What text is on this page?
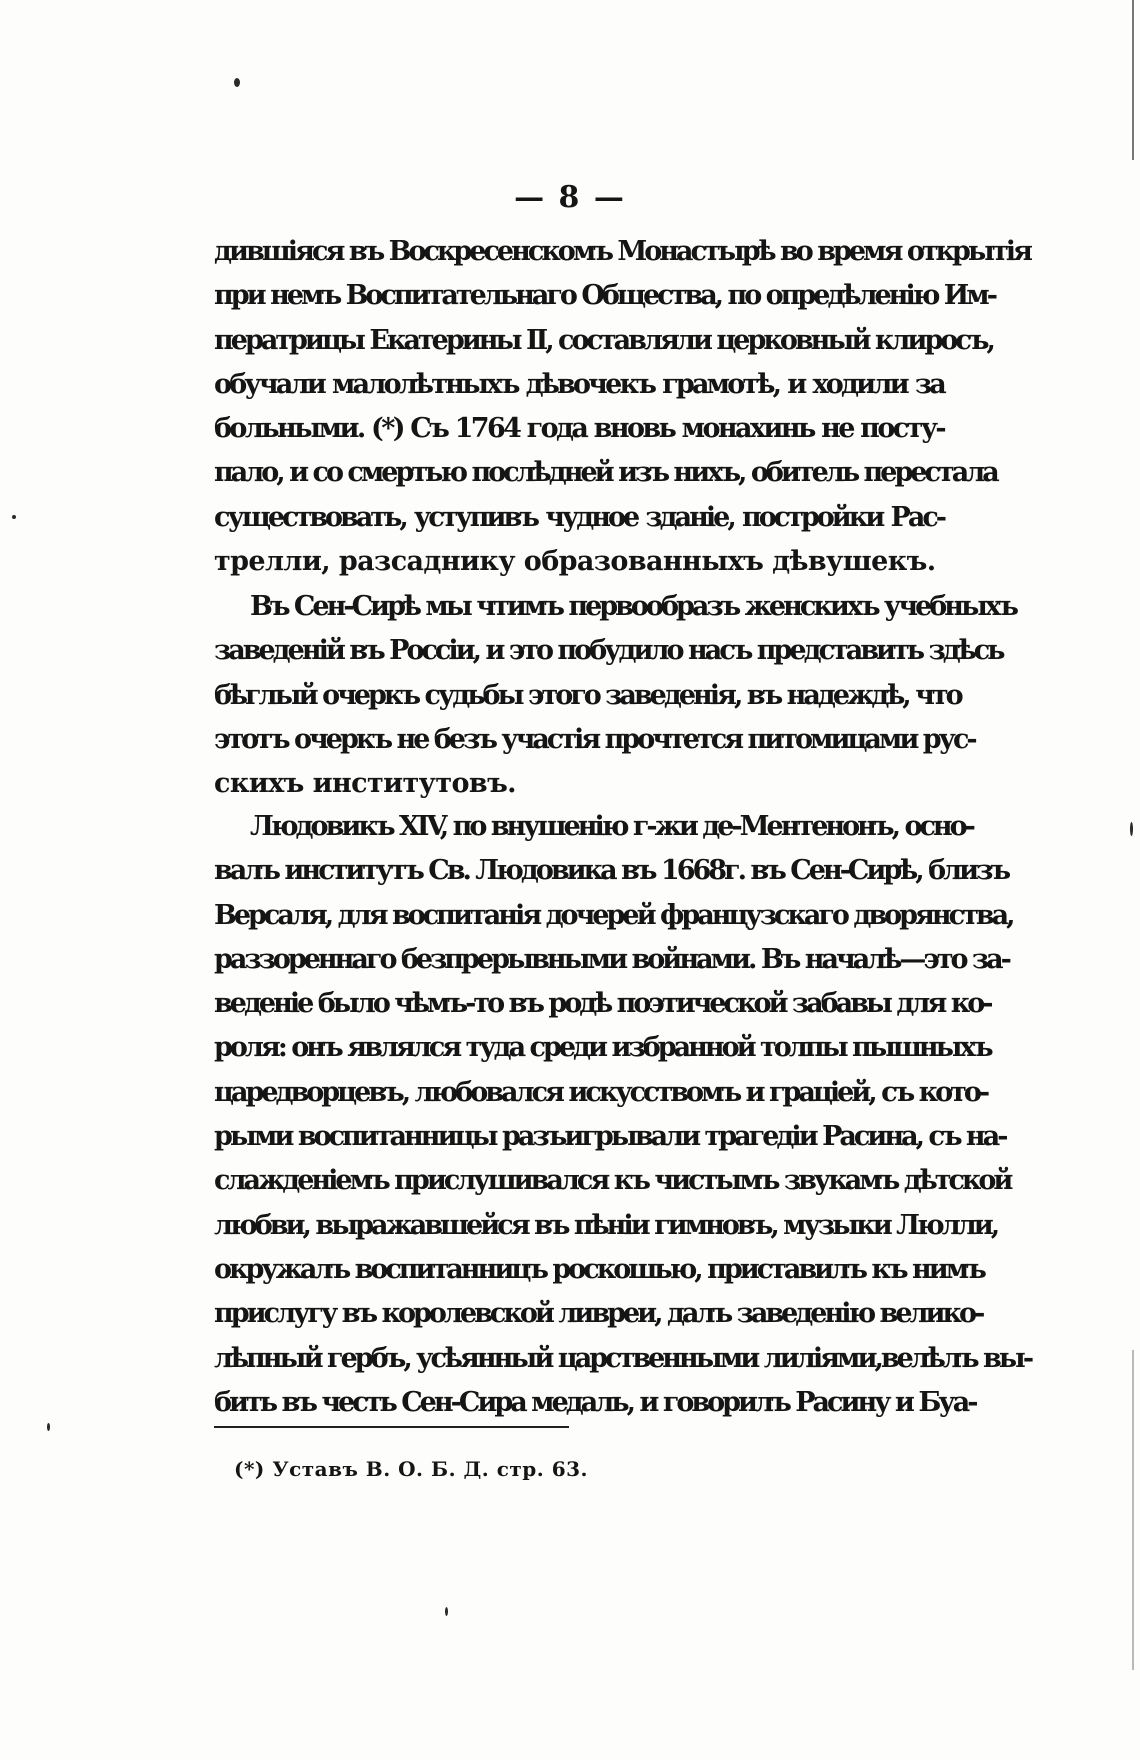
— 8 —
дившiяся въ Воскресенскомъ Монастырѣ во время открытiя
при немъ Воспитательнаго Общества, по опредѣленiю Им-
ператрицы Екатерины II, составляли церковный клиросъ,
обучали малолѣтныхъ дѣвочекъ грамотѣ, и ходили за
больными. (*) Съ 1764 года вновь монахинь не посту-
пало, и со смертью послѣдней изъ нихъ, обитель перестала
существовать, уступивъ чудное зданiе, постройки Рас-
трелли, разсаднику образованныхъ дѣвушекъ.
Въ Сен-Сирѣ мы чтимъ первообразъ женскихъ учебныхъ
заведенiй въ Россiи, и это побудило насъ представить здѣсь
бѣглый очеркъ судьбы этого заведенiя, въ надеждѣ, что
этотъ очеркъ не безъ участiя прочтется питомицами рус-
скихъ институтовъ.
Людовикъ XIV, по внушенiю г-жи де-Ментенонъ, осно-
валъ институтъ Св. Людовика въ 1668г. въ Сен-Сирѣ, близъ
Версаля, для воспитанiя дочерей французскаго дворянства,
раззореннаго безпрерывными войнами. Въ началѣ—это за-
веденiе было чѣмъ-то въ родѣ поэтической забавы для ко-
роля: онъ являлся туда среди избранной толпы пышныхъ
царедворцевъ, любовался искусствомъ и грацiей, съ кото-
рыми воспитанницы разъигрывали трагедiи Расина, съ на-
слажденiемъ прислушивался къ чистымъ звукамъ дѣтской
любви, выражавшейся въ пѣнiи гимновъ, музыки Люлли,
окружалъ воспитанницъ роскошью, приставилъ къ нимъ
прислугу въ королевской ливреи, далъ заведенiю велико-
лѣпный гербъ, усѣянный царственными лилiями,велѣлъ вы-
бить въ честь Сен-Сира медаль, и говорилъ Расину и Буа-
(*) Уставъ В. О. Б. Д. стр. 63.
